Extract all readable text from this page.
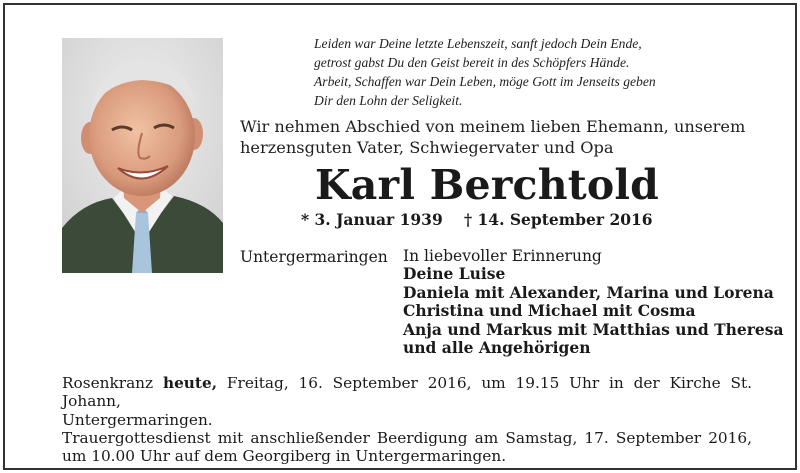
Leiden war Deine letzte Lebenszeit, sanft jedoch Dein Ende,
getrost gabst Du den Geist bereit in des Schöpfers Hände.
Arbeit, Schaffen war Dein Leben, möge Gott im Jenseits geben
Dir den Lohn der Seligkeit.
Wir nehmen Abschied von meinem lieben Ehemann, unserem
herzensguten Vater, Schwiegervater und Opa
Karl Berchtold
* 3. Januar 1939 † 14. September 2016
Untergermaringen In liebevoller Erinnerung
Deine Luise
Daniela mit Alexander, Marina und Lorena
Christina und Michael mit Cosma
Anja und Markus mit Matthias und Theresa
und alle Angehörigen
Rosenkranz heute, Freitag, 16. September 2016, um 19.15 Uhr in der Kirche St. Johann,
Untergermaringen.
Trauergottesdienst mit anschließender Beerdigung am Samstag, 17. September 2016,
um 10.00 Uhr auf dem Georgiberg in Untergermaringen.
